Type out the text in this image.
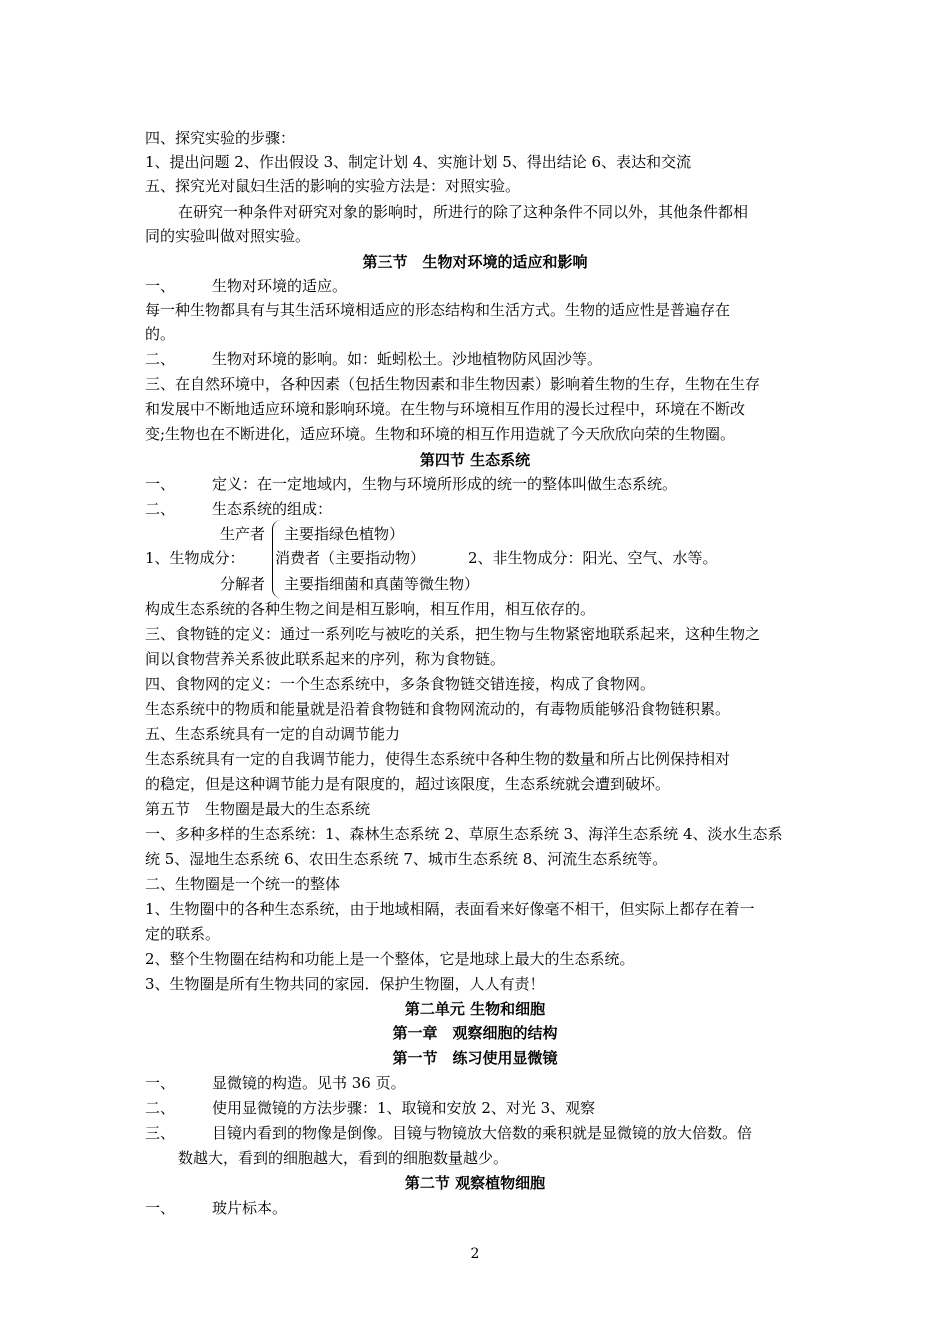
四、探究实验的步骤：
1、提出问题 2、作出假设 3、制定计划 4、实施计划 5、得出结论 6、表达和交流
五、探究光对鼠妇生活的影响的实验方法是：对照实验。
在研究一种条件对研究对象的影响时，所进行的除了这种条件不同以外，其他条件都相
同的实验叫做对照实验。
第三节　生物对环境的适应和影响
一、 生物对环境的适应。
每一种生物都具有与其生活环境相适应的形态结构和生活方式。生物的适应性是普遍存在
的。
二、 生物对环境的影响。如：蚯蚓松土。沙地植物防风固沙等。
三、在自然环境中，各种因素（包括生物因素和非生物因素）影响着生物的生存，生物在生存
和发展中不断地适应环境和影响环境。在生物与环境相互作用的漫长过程中，环境在不断改
变;生物也在不断进化，适应环境。生物和环境的相互作用造就了今天欣欣向荣的生物圈。
第四节 生态系统
一、 定义：在一定地域内，生物与环境所形成的统一的整体叫做生态系统。
二、 生态系统的组成：
生产者 主要指绿色植物）
1、生物成分： 消费者（主要指动物）	2、非生物成分：阳光、空气、水等。
分解者 主要指细菌和真菌等微生物）
构成生态系统的各种生物之间是相互影响，相互作用，相互依存的。
三、食物链的定义：通过一系列吃与被吃的关系，把生物与生物紧密地联系起来，这种生物之
间以食物营养关系彼此联系起来的序列，称为食物链。
四、食物网的定义：一个生态系统中，多条食物链交错连接，构成了食物网。
生态系统中的物质和能量就是沿着食物链和食物网流动的，有毒物质能够沿食物链积累。
五、生态系统具有一定的自动调节能力
生态系统具有一定的自我调节能力，使得生态系统中各种生物的数量和所占比例保持相对
的稳定，但是这种调节能力是有限度的，超过该限度，生态系统就会遭到破坏。
第五节　生物圈是最大的生态系统
一、多种多样的生态系统：1、森林生态系统 2、草原生态系统 3、海洋生态系统 4、淡水生态系
统 5、湿地生态系统 6、农田生态系统 7、城市生态系统 8、河流生态系统等。
二、生物圈是一个统一的整体
1、生物圈中的各种生态系统，由于地域相隔，表面看来好像毫不相干，但实际上都存在着一
定的联系。
2、整个生物圈在结构和功能上是一个整体，它是地球上最大的生态系统。
3、生物圈是所有生物共同的家园．保护生物圈，人人有责！
第二单元 生物和细胞
第一章　观察细胞的结构
第一节　练习使用显微镜
一、 显微镜的构造。见书 36 页。
二、 使用显微镜的方法步骤：1、取镜和安放 2、对光 3、观察
三、 目镜内看到的物像是倒像。目镜与物镜放大倍数的乘积就是显微镜的放大倍数。倍
数越大，看到的细胞越大，看到的细胞数量越少。
第二节 观察植物细胞
一、 玻片标本。
2
